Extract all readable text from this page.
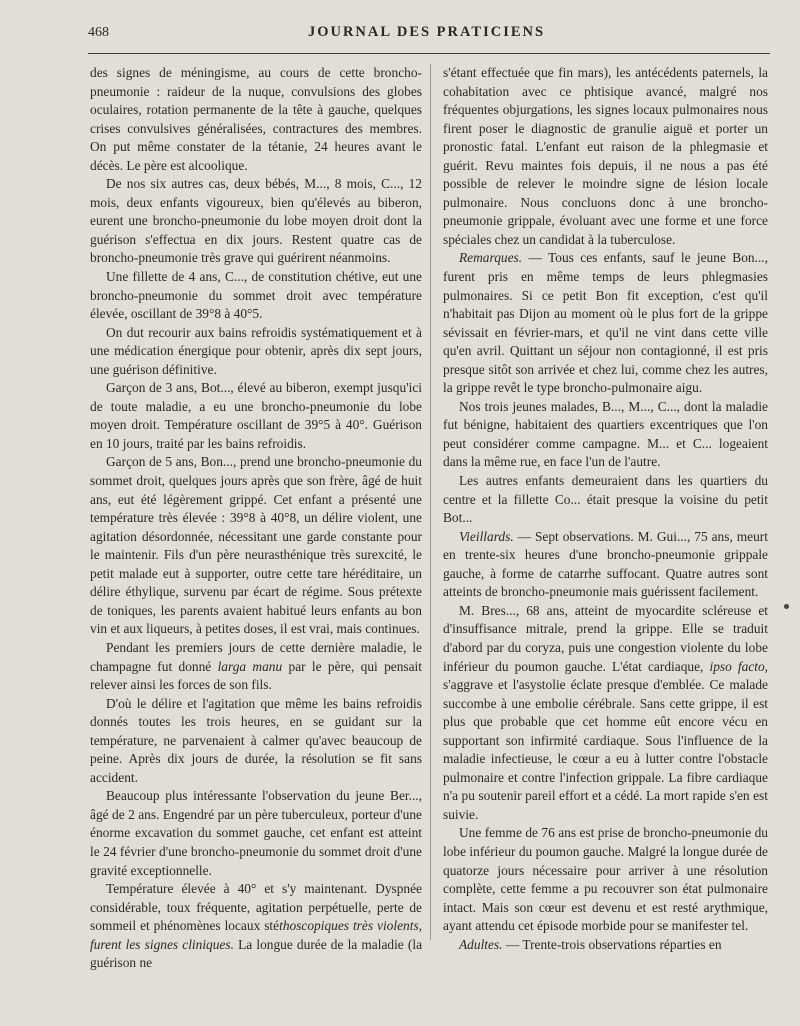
468	JOURNAL DES PRATICIENS

des signes de méningisme, au cours de cette broncho-pneumonie : raideur de la nuque, convulsions des globes oculaires, rotation permanente de la tête à gauche, quelques crises convulsives généralisées, contractures des membres. On put même constater de la tétanie, 24 heures avant le décès. Le père est alcoolique.

De nos six autres cas, deux bébés, M..., 8 mois, C..., 12 mois, deux enfants vigoureux, bien qu'élevés au biberon, eurent une broncho-pneumonie du lobe moyen droit dont la guérison s'effectua en dix jours. Restent quatre cas de broncho-pneumonie très grave qui guérirent néanmoins.

Une fillette de 4 ans, C..., de constitution chétive, eut une broncho-pneumonie du sommet droit avec température élevée, oscillant de 39°8 à 40°5.

On dut recourir aux bains refroidis systématiquement et à une médication énergique pour obtenir, après dix sept jours, une guérison définitive.

Garçon de 3 ans, Bot..., élevé au biberon, exempt jusqu'ici de toute maladie, a eu une broncho-pneumonie du lobe moyen droit. Température oscillant de 39°5 à 40°. Guérison en 10 jours, traité par les bains refroidis.

Garçon de 5 ans, Bon..., prend une broncho-pneumonie du sommet droit, quelques jours après que son frère, âgé de huit ans, eut été légèrement grippé. Cet enfant a présenté une température très élevée : 39°8 à 40°8, un délire violent, une agitation désordonnée, nécessitant une garde constante pour le maintenir. Fils d'un père neurasthénique très surexcité, le petit malade eut à supporter, outre cette tare héréditaire, un délire éthylique, survenu par écart de régime. Sous prétexte de toniques, les parents avaient habitué leurs enfants au bon vin et aux liqueurs, à petites doses, il est vrai, mais continues.

Pendant les premiers jours de cette dernière maladie, le champagne fut donné larga manu par le père, qui pensait relever ainsi les forces de son fils.

D'où le délire et l'agitation que même les bains refroidis donnés toutes les trois heures, en se guidant sur la température, ne parvenaient à calmer qu'avec beaucoup de peine. Après dix jours de durée, la résolution se fit sans accident.

Beaucoup plus intéressante l'observation du jeune Ber..., âgé de 2 ans. Engendré par un père tuberculeux, porteur d'une énorme excavation du sommet gauche, cet enfant est atteint le 24 février d'une broncho-pneumonie du sommet droit d'une gravité exceptionnelle.

Température élevée à 40° et s'y maintenant. Dyspnée considérable, toux fréquente, agitation perpétuelle, perte de sommeil et phénomènes locaux stéthoscopiques très violents, furent les signes cliniques. La longue durée de la maladie (la guérison ne

s'étant effectuée que fin mars), les antécédents paternels, la cohabitation avec ce phtisique avancé, malgré nos fréquentes objurgations, les signes locaux pulmonaires nous firent poser le diagnostic de granulie aiguë et porter un pronostic fatal. L'enfant eut raison de la phlegmasie et guérit. Revu maintes fois depuis, il ne nous a pas été possible de relever le moindre signe de lésion locale pulmonaire. Nous concluons donc à une broncho-pneumonie grippale, évoluant avec une forme et une force spéciales chez un candidat à la tuberculose.

Remarques. — Tous ces enfants, sauf le jeune Bon..., furent pris en même temps de leurs phlegmasies pulmonaires. Si ce petit Bon fit exception, c'est qu'il n'habitait pas Dijon au moment où le plus fort de la grippe sévissait en février-mars, et qu'il ne vint dans cette ville qu'en avril. Quittant un séjour non contagionné, il est pris presque sitôt son arrivée et chez lui, comme chez les autres, la grippe revêt le type broncho-pulmonaire aigu.

Nos trois jeunes malades, B..., M..., C..., dont la maladie fut bénigne, habitaient des quartiers excentriques que l'on peut considérer comme campagne. M... et C... logeaient dans la même rue, en face l'un de l'autre.

Les autres enfants demeuraient dans les quartiers du centre et la fillette Co... était presque la voisine du petit Bot...

Vieillards. — Sept observations. M. Gui..., 75 ans, meurt en trente-six heures d'une broncho-pneumonie grippale gauche, à forme de catarrhe suffocant. Quatre autres sont atteints de broncho-pneumonie mais guérissent facilement.

M. Bres..., 68 ans, atteint de myocardite scléreuse et d'insuffisance mitrale, prend la grippe. Elle se traduit d'abord par du coryza, puis une congestion violente du lobe inférieur du poumon gauche. L'état cardiaque, ipso facto, s'aggrave et l'asystolie éclate presque d'emblée. Ce malade succombe à une embolie cérébrale. Sans cette grippe, il est plus que probable que cet homme eût encore vécu en supportant son infirmité cardiaque. Sous l'influence de la maladie infectieuse, le cœur a eu à lutter contre l'obstacle pulmonaire et contre l'infection grippale. La fibre cardiaque n'a pu soutenir pareil effort et a cédé. La mort rapide s'en est suivie.

Une femme de 76 ans est prise de broncho-pneumonie du lobe inférieur du poumon gauche. Malgré la longue durée de quatorze jours nécessaire pour arriver à une résolution complète, cette femme a pu recouvrer son état pulmonaire intact. Mais son cœur est devenu et est resté arythmique, ayant attendu cet épisode morbide pour se manifester tel.

Adultes. — Trente-trois observations réparties en
